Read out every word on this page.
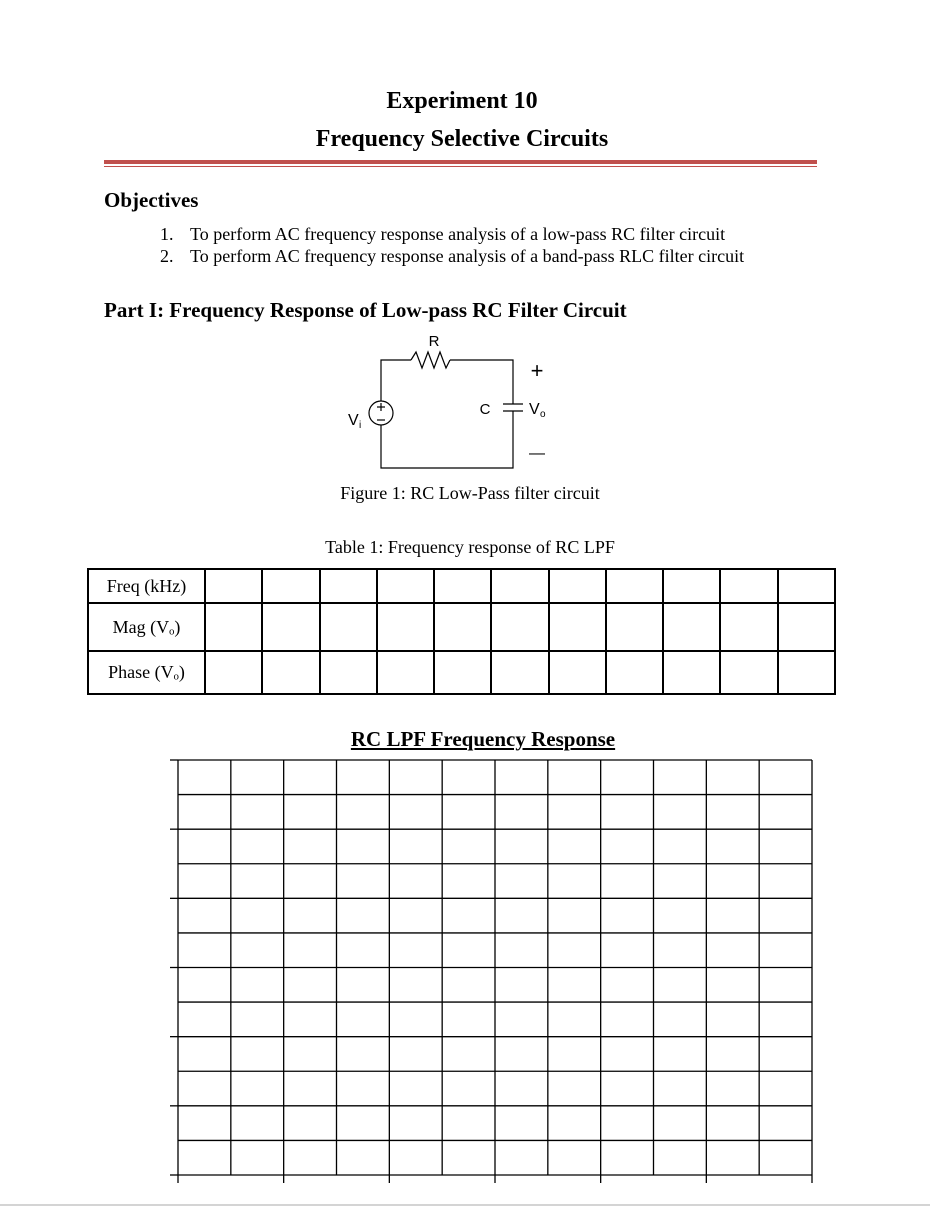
Experiment 10
Frequency Selective Circuits
Objectives
1. To perform AC frequency response analysis of a low-pass RC filter circuit
2. To perform AC frequency response analysis of a band-pass RLC filter circuit
Part I: Frequency Response of Low-pass RC Filter Circuit
R
C
V i
V o
+
—
Figure 1: RC Low-Pass filter circuit
Table 1: Frequency response of RC LPF
Freq (kHz)											
Mag (Vₒ)											
Phase (Vₒ)											
RC LPF Frequency Response
